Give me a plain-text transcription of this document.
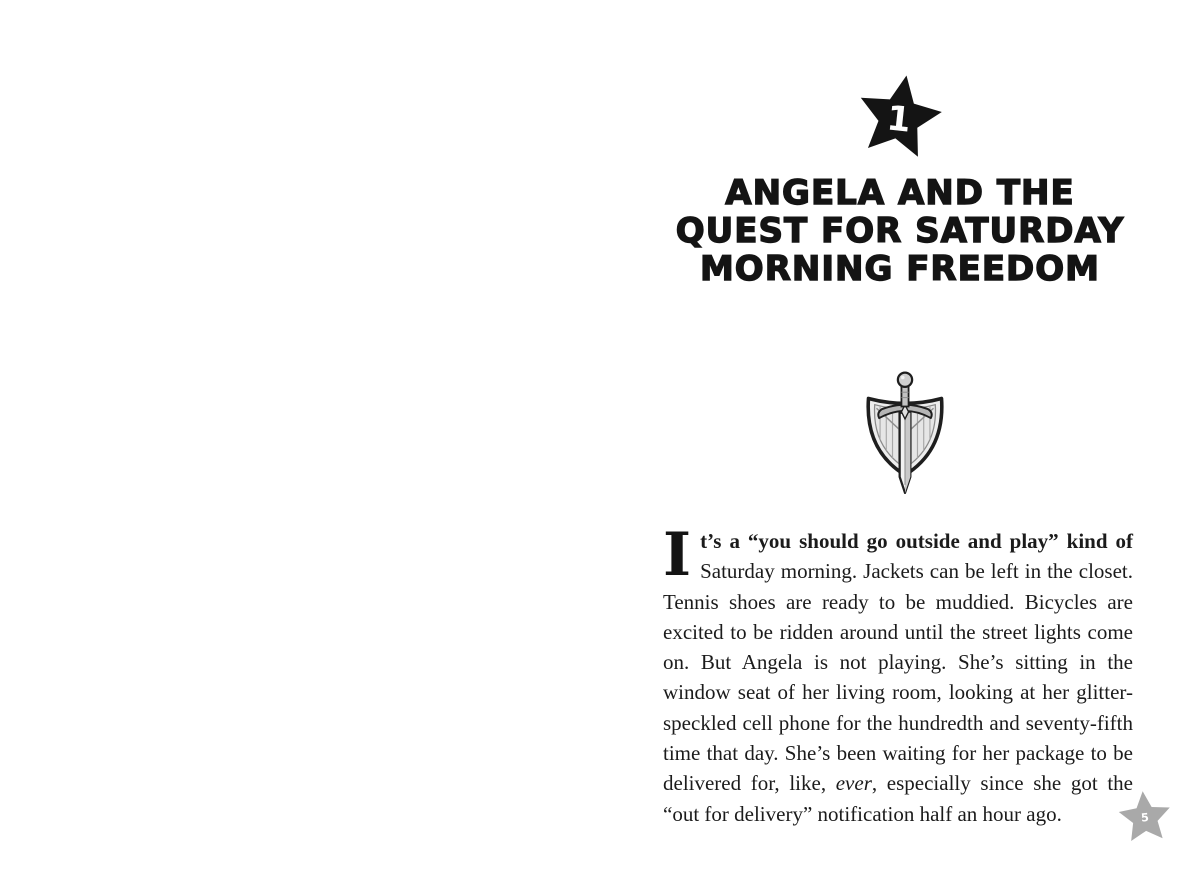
1
ANGELA AND THE
QUEST FOR SATURDAY
MORNING FREEDOM

It’s a “you should go outside and play” kind of Saturday morning. Jackets can be left in the closet. Tennis shoes are ready to be muddied. Bicycles are excited to be ridden around until the street lights come on. But Angela is not playing. She’s sitting in the window seat of her living room, looking at her glitter-speckled cell phone for the hundredth and seventy-fifth time that day. She’s been waiting for her package to be delivered for, like, ever, especially since she got the “out for delivery” notification half an hour ago.	5
